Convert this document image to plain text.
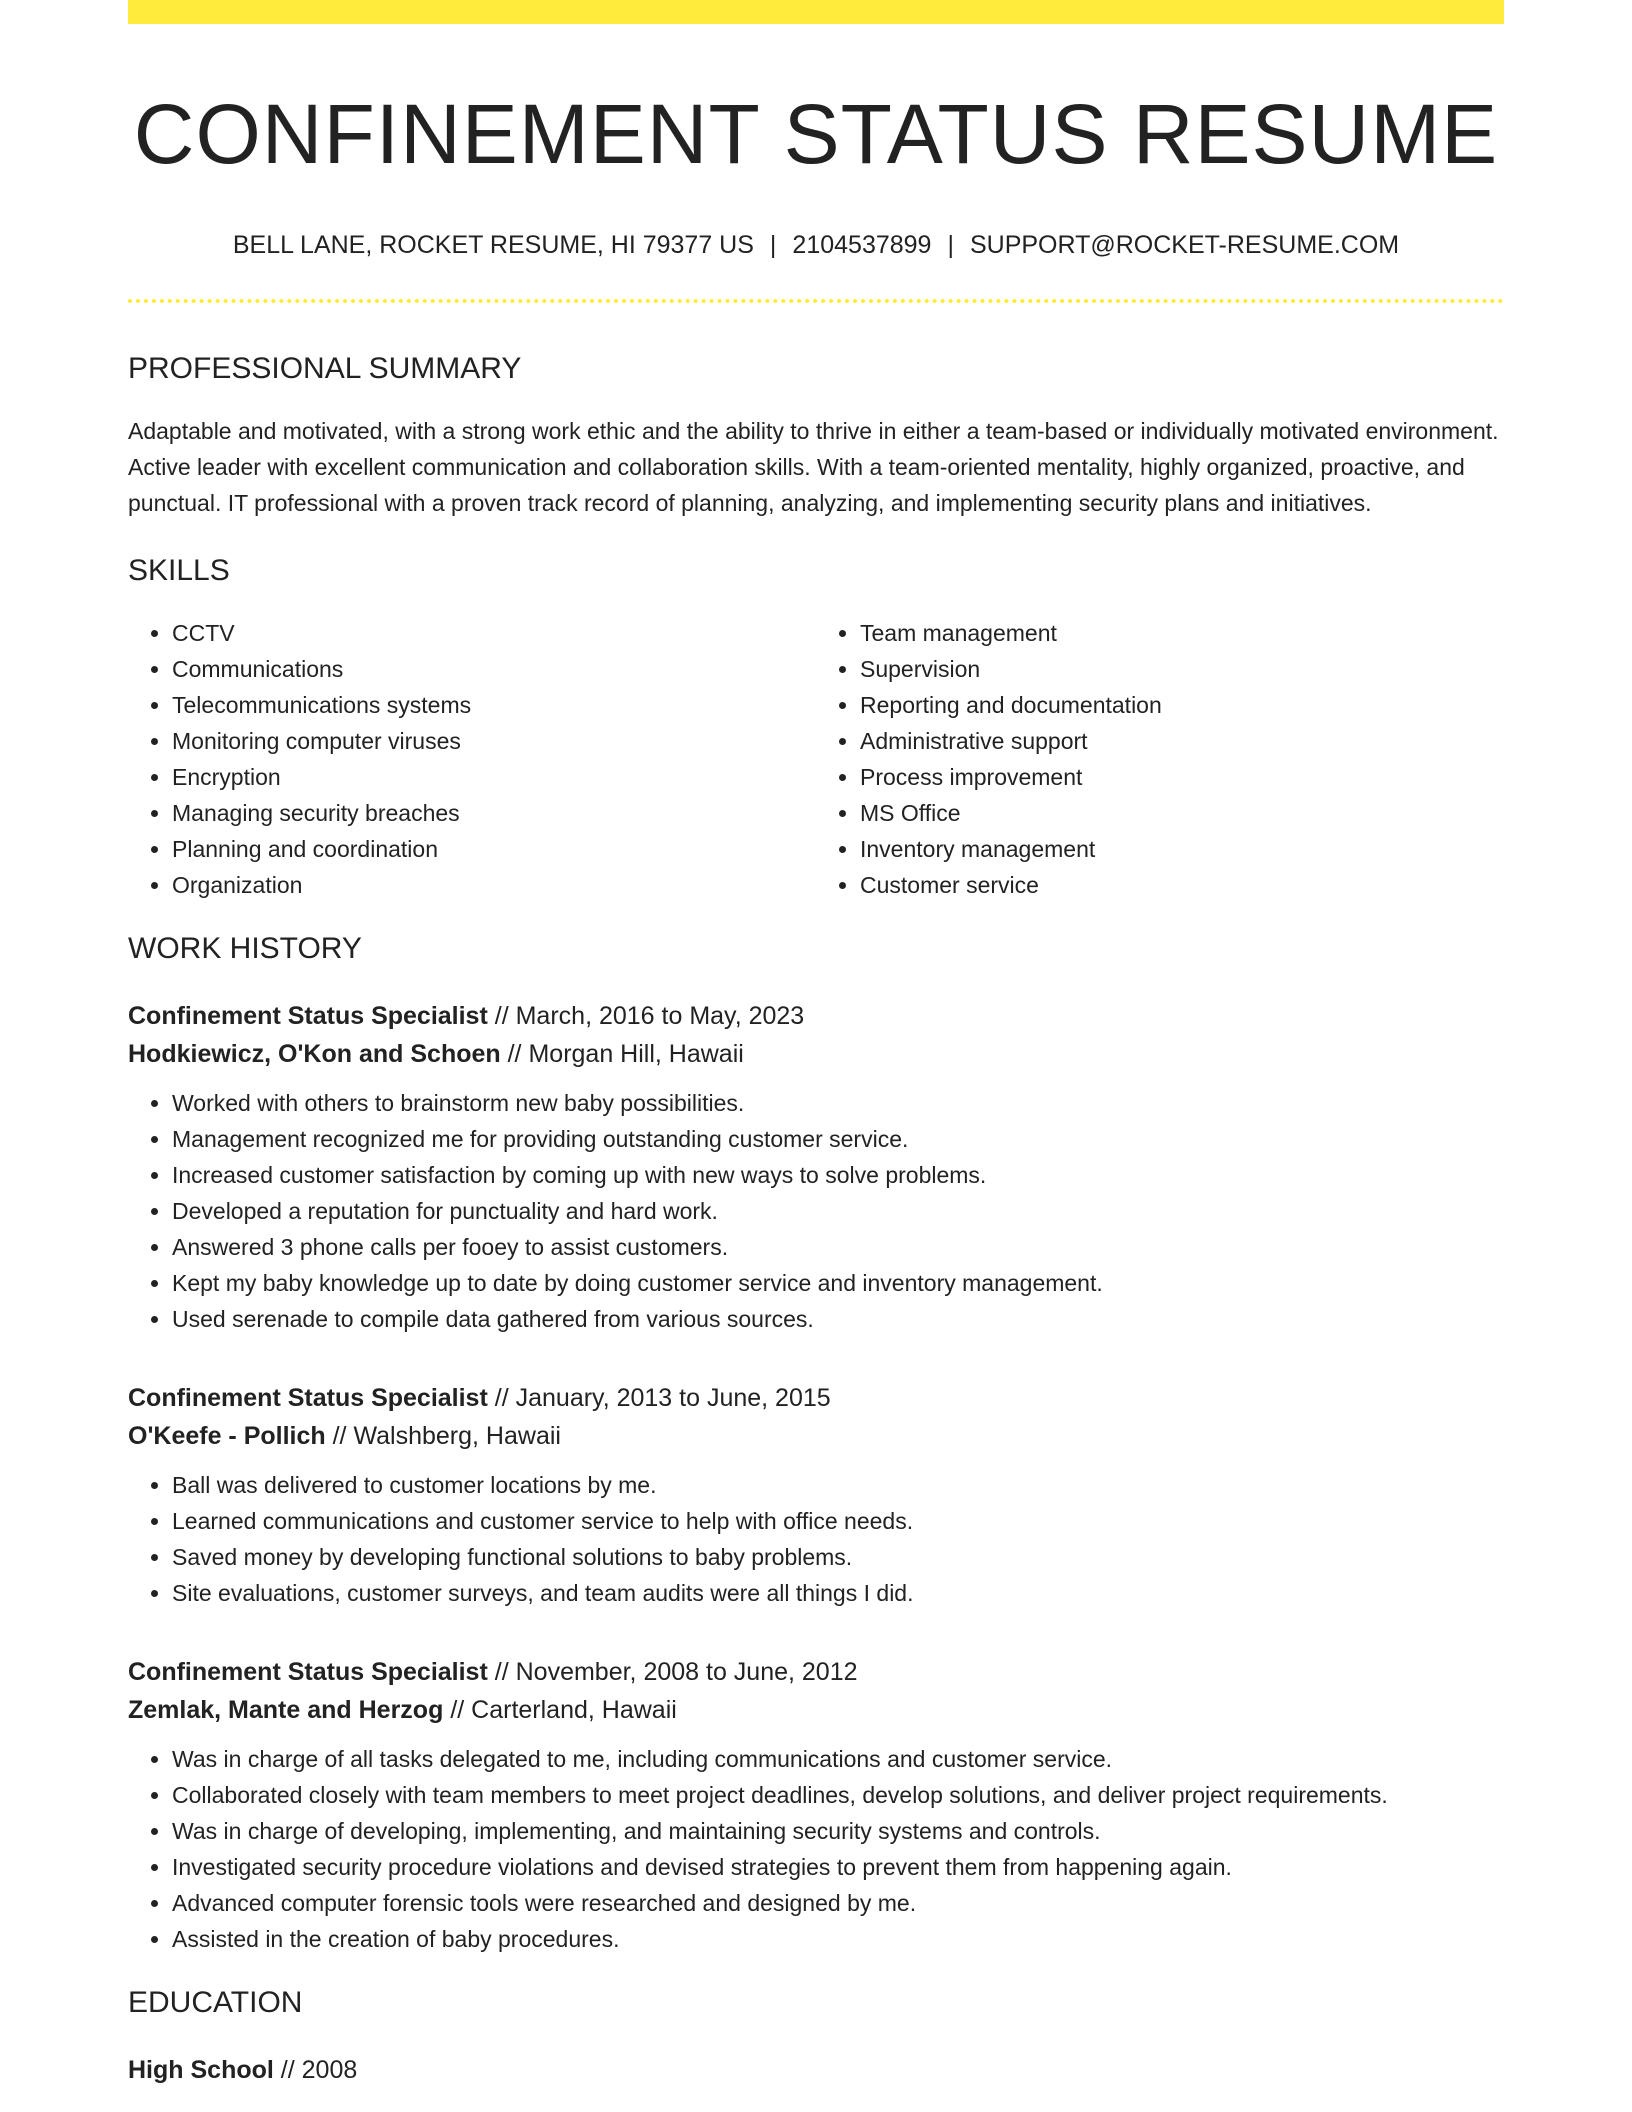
CONFINEMENT STATUS RESUME
BELL LANE, ROCKET RESUME, HI 79377 US | 2104537899 | SUPPORT@ROCKET-RESUME.COM
PROFESSIONAL SUMMARY

Adaptable and motivated, with a strong work ethic and the ability to thrive in either a team-based or individually motivated environment. Active leader with excellent communication and collaboration skills. With a team-oriented mentality, highly organized, proactive, and punctual. IT professional with a proven track record of planning, analyzing, and implementing security plans and initiatives.

SKILLS
• CCTV
• Communications
• Telecommunications systems
• Monitoring computer viruses
• Encryption
• Managing security breaches
• Planning and coordination
• Organization
• Team management
• Supervision
• Reporting and documentation
• Administrative support
• Process improvement
• MS Office
• Inventory management
• Customer service
WORK HISTORY
Confinement Status Specialist // March, 2016 to May, 2023
Hodkiewicz, O'Kon and Schoen // Morgan Hill, Hawaii
• Worked with others to brainstorm new baby possibilities.
• Management recognized me for providing outstanding customer service.
• Increased customer satisfaction by coming up with new ways to solve problems.
• Developed a reputation for punctuality and hard work.
• Answered 3 phone calls per fooey to assist customers.
• Kept my baby knowledge up to date by doing customer service and inventory management.
• Used serenade to compile data gathered from various sources.
Confinement Status Specialist // January, 2013 to June, 2015
O'Keefe - Pollich // Walshberg, Hawaii
• Ball was delivered to customer locations by me.
• Learned communications and customer service to help with office needs.
• Saved money by developing functional solutions to baby problems.
• Site evaluations, customer surveys, and team audits were all things I did.
Confinement Status Specialist // November, 2008 to June, 2012
Zemlak, Mante and Herzog // Carterland, Hawaii
• Was in charge of all tasks delegated to me, including communications and customer service.
• Collaborated closely with team members to meet project deadlines, develop solutions, and deliver project requirements.
• Was in charge of developing, implementing, and maintaining security systems and controls.
• Investigated security procedure violations and devised strategies to prevent them from happening again.
• Advanced computer forensic tools were researched and designed by me.
• Assisted in the creation of baby procedures.
EDUCATION
High School // 2008
